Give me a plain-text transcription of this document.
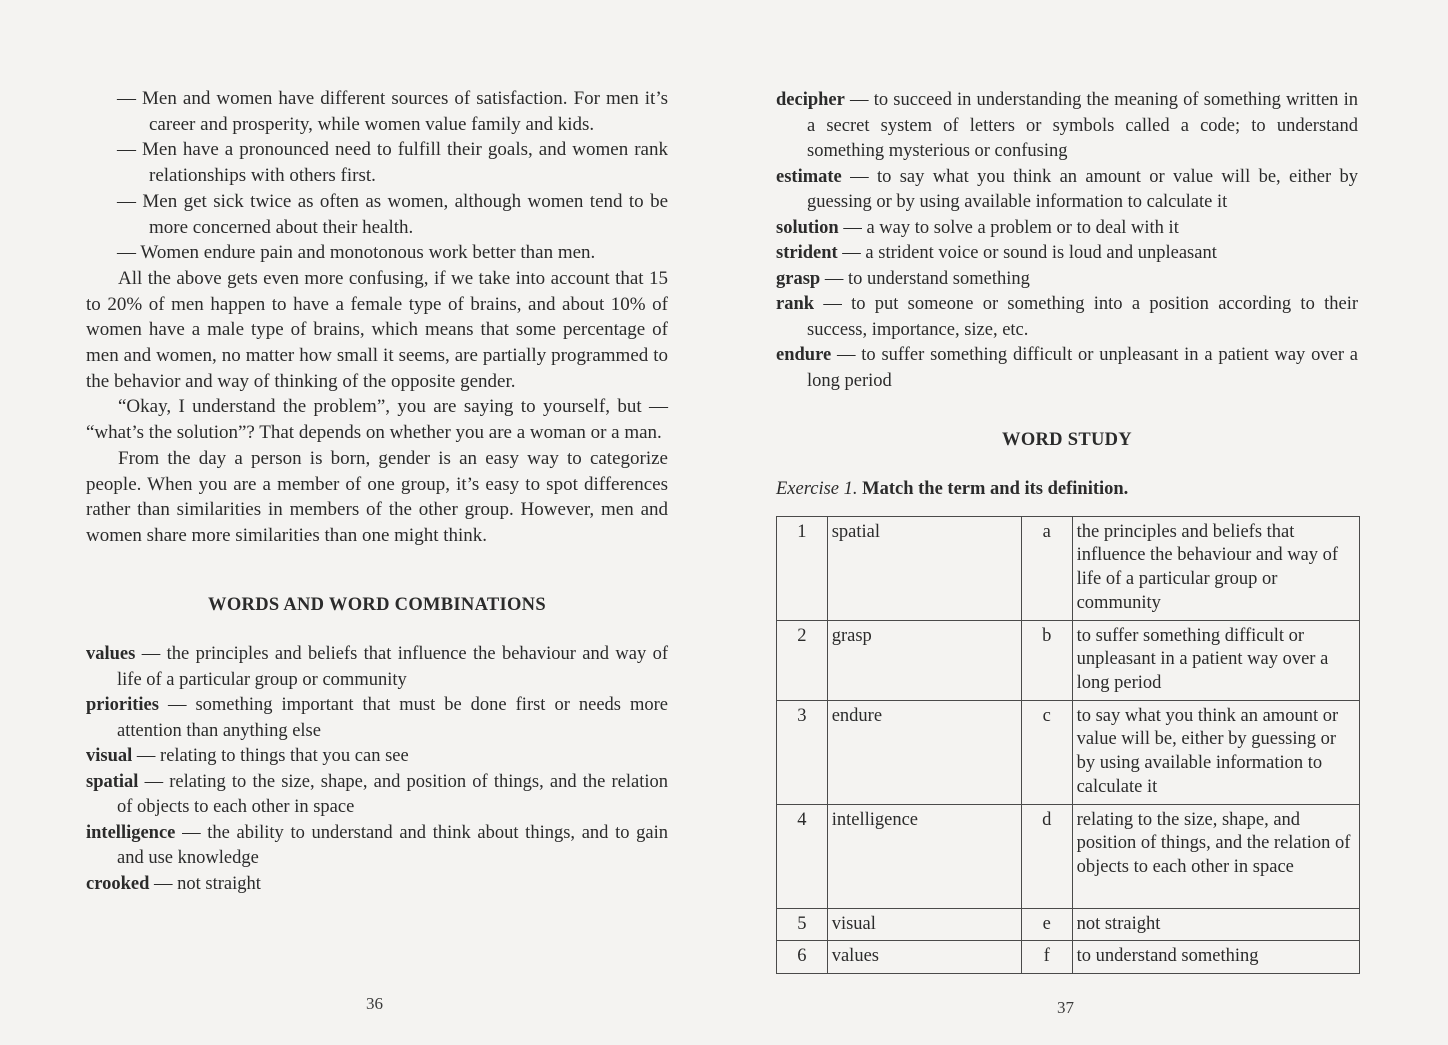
— Men and women have different sources of satisfaction. For men it’s career and prosperity, while women value family and kids.

— Men have a pronounced need to fulfill their goals, and women rank relationships with others first.

— Men get sick twice as often as women, although women tend to be more concerned about their health.

— Women endure pain and monotonous work better than men.

All the above gets even more confusing, if we take into account that 15 to 20% of men happen to have a female type of brains, and about 10% of women have a male type of brains, which means that some percentage of men and women, no matter how small it seems, are partially programmed to the behavior and way of thinking of the opposite gender.

“Okay, I understand the problem”, you are saying to yourself, but — “what’s the solution”? That depends on whether you are a woman or a man.

From the day a person is born, gender is an easy way to categorize people. When you are a member of one group, it’s easy to spot differences rather than similarities in members of the other group. However, men and women share more similarities than one might think.

WORDS AND WORD COMBINATIONS

values — the principles and beliefs that influence the behaviour and way of life of a particular group or community

priorities — something important that must be done first or needs more attention than anything else

visual — relating to things that you can see

spatial — relating to the size, shape, and position of things, and the relation of objects to each other in space

intelligence — the ability to understand and think about things, and to gain and use knowledge

crooked — not straight

36

decipher — to succeed in understanding the meaning of something written in a secret system of letters or symbols called a code; to understand something mysterious or confusing

estimate — to say what you think an amount or value will be, either by guessing or by using available information to calculate it

solution — a way to solve a problem or to deal with it

strident — a strident voice or sound is loud and unpleasant

grasp — to understand something

rank — to put someone or something into a position according to their success, importance, size, etc.

endure — to suffer something difficult or unpleasant in a patient way over a long period

WORD STUDY

Exercise 1. Match the term and its definition.

1	spatial	a	the principles and beliefs that influence the behaviour and way of life of a particular group or community
2	grasp	b	to suffer something difficult or unpleasant in a patient way over a long period
3	endure	c	to say what you think an amount or value will be, either by guessing or by using available information to calculate it
4	intelligence	d	relating to the size, shape, and position of things, and the relation of objects to each other in space
5	visual	e	not straight
6	values	f	to understand something
37
